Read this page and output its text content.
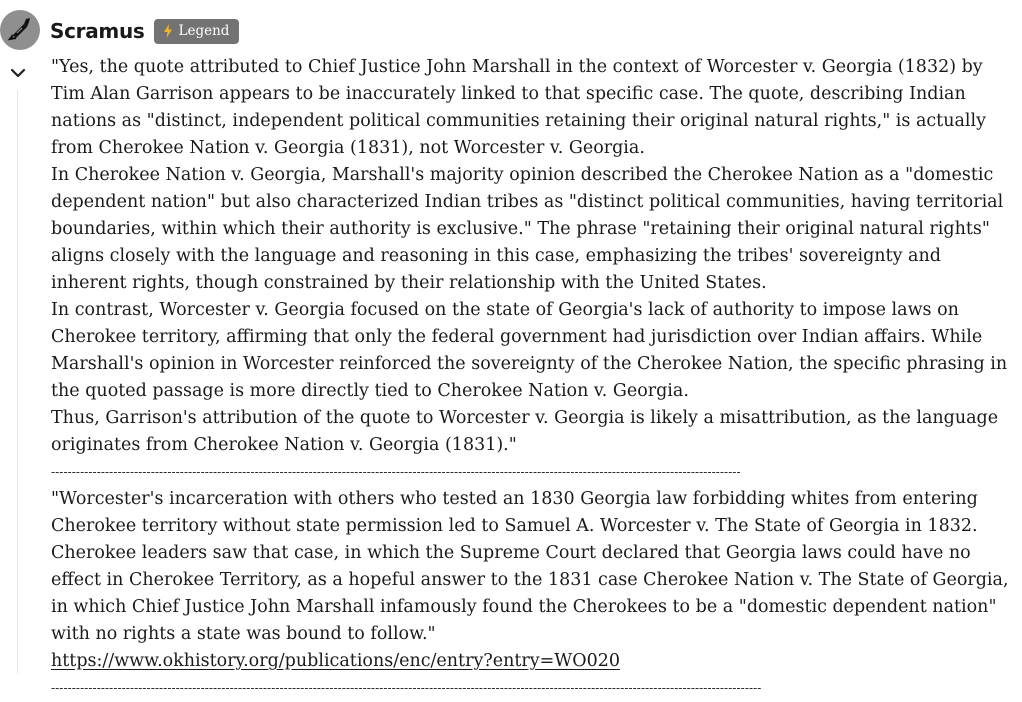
Scramus	Legend

"Yes, the quote attributed to Chief Justice John Marshall in the context of Worcester v. Georgia (1832) by Tim Alan Garrison appears to be inaccurately linked to that specific case. The quote, describing Indian nations as "distinct, independent political communities retaining their original natural rights," is actually from Cherokee Nation v. Georgia (1831), not Worcester v. Georgia.

In Cherokee Nation v. Georgia, Marshall's majority opinion described the Cherokee Nation as a "domestic dependent nation" but also characterized Indian tribes as "distinct political communities, having territorial boundaries, within which their authority is exclusive." The phrase "retaining their original natural rights" aligns closely with the language and reasoning in this case, emphasizing the tribes' sovereignty and inherent rights, though constrained by their relationship with the United States.

In contrast, Worcester v. Georgia focused on the state of Georgia's lack of authority to impose laws on Cherokee territory, affirming that only the federal government had jurisdiction over Indian affairs. While Marshall's opinion in Worcester reinforced the sovereignty of the Cherokee Nation, the specific phrasing in the quoted passage is more directly tied to Cherokee Nation v. Georgia.

Thus, Garrison's attribution of the quote to Worcester v. Georgia is likely a misattribution, as the language originates from Cherokee Nation v. Georgia (1831)."

----------------------------------------------------------------------------------------------------------------------------------------------------------------------

"Worcester's incarceration with others who tested an 1830 Georgia law forbidding whites from entering Cherokee territory without state permission led to Samuel A. Worcester v. The State of Georgia in 1832. Cherokee leaders saw that case, in which the Supreme Court declared that Georgia laws could have no effect in Cherokee Territory, as a hopeful answer to the 1831 case Cherokee Nation v. The State of Georgia, in which Chief Justice John Marshall infamously found the Cherokees to be a "domestic dependent nation" with no rights a state was bound to follow."

https://www.okhistory.org/publications/enc/entry?entry=WO020

---------------------------------------------------------------------------------------------------------------------------------------------------------------------------
